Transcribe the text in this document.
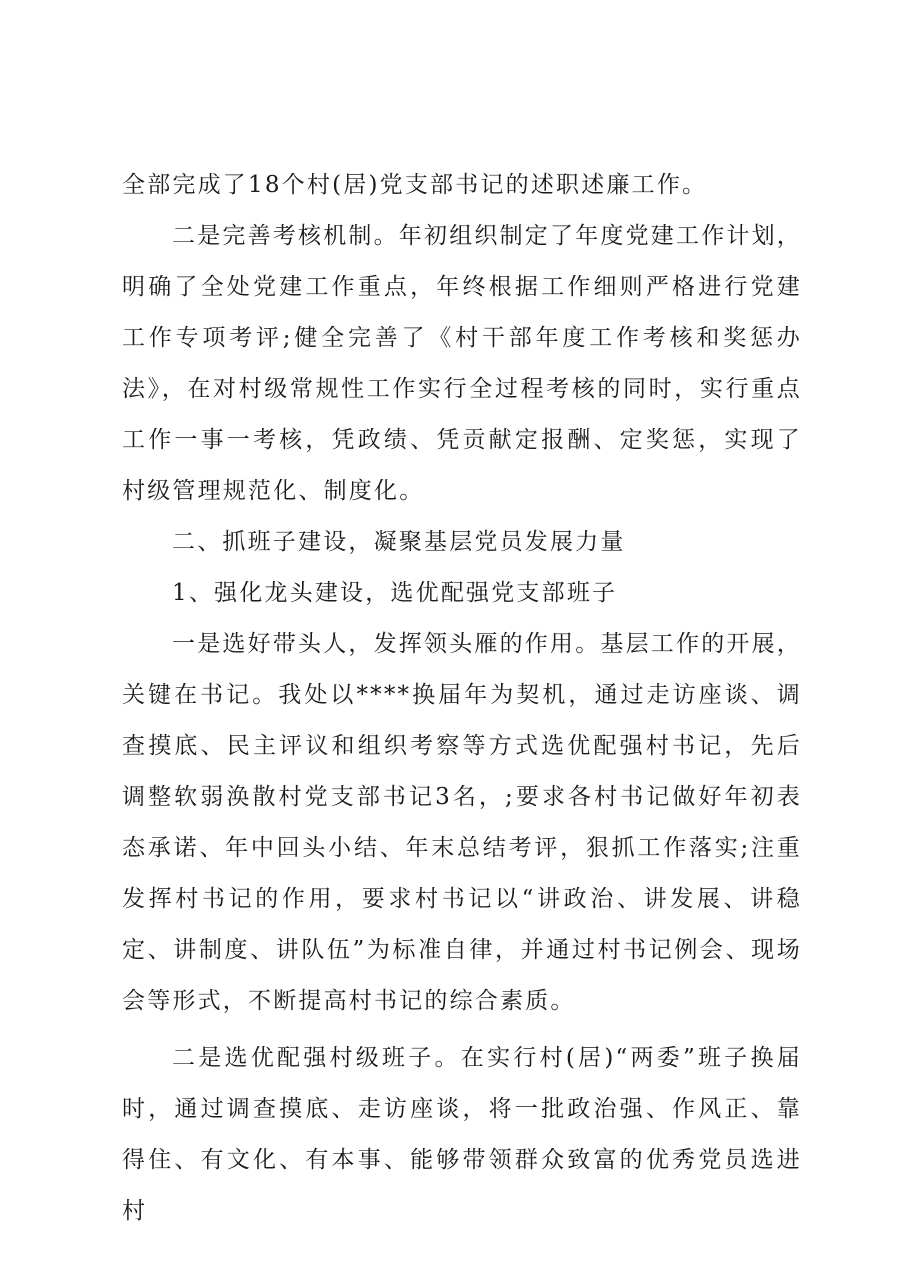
全部完成了18个村(居)党支部书记的述职述廉工作。

二是完善考核机制。年初组织制定了年度党建工作计划，明确了全处党建工作重点，年终根据工作细则严格进行党建工作专项考评;健全完善了《村干部年度工作考核和奖惩办法》，在对村级常规性工作实行全过程考核的同时，实行重点工作一事一考核，凭政绩、凭贡献定报酬、定奖惩，实现了村级管理规范化、制度化。

二、抓班子建设，凝聚基层党员发展力量

1、强化龙头建设，选优配强党支部班子

一是选好带头人，发挥领头雁的作用。基层工作的开展，关键在书记。我处以****换届年为契机，通过走访座谈、调查摸底、民主评议和组织考察等方式选优配强村书记，先后调整软弱涣散村党支部书记3名，;要求各村书记做好年初表态承诺、年中回头小结、年末总结考评，狠抓工作落实;注重发挥村书记的作用，要求村书记以“讲政治、讲发展、讲稳定、讲制度、讲队伍”为标准自律，并通过村书记例会、现场会等形式，不断提高村书记的综合素质。

二是选优配强村级班子。在实行村(居)“两委”班子换届时，通过调查摸底、走访座谈，将一批政治强、作风正、靠得住、有文化、有本事、能够带领群众致富的优秀党员选进村
